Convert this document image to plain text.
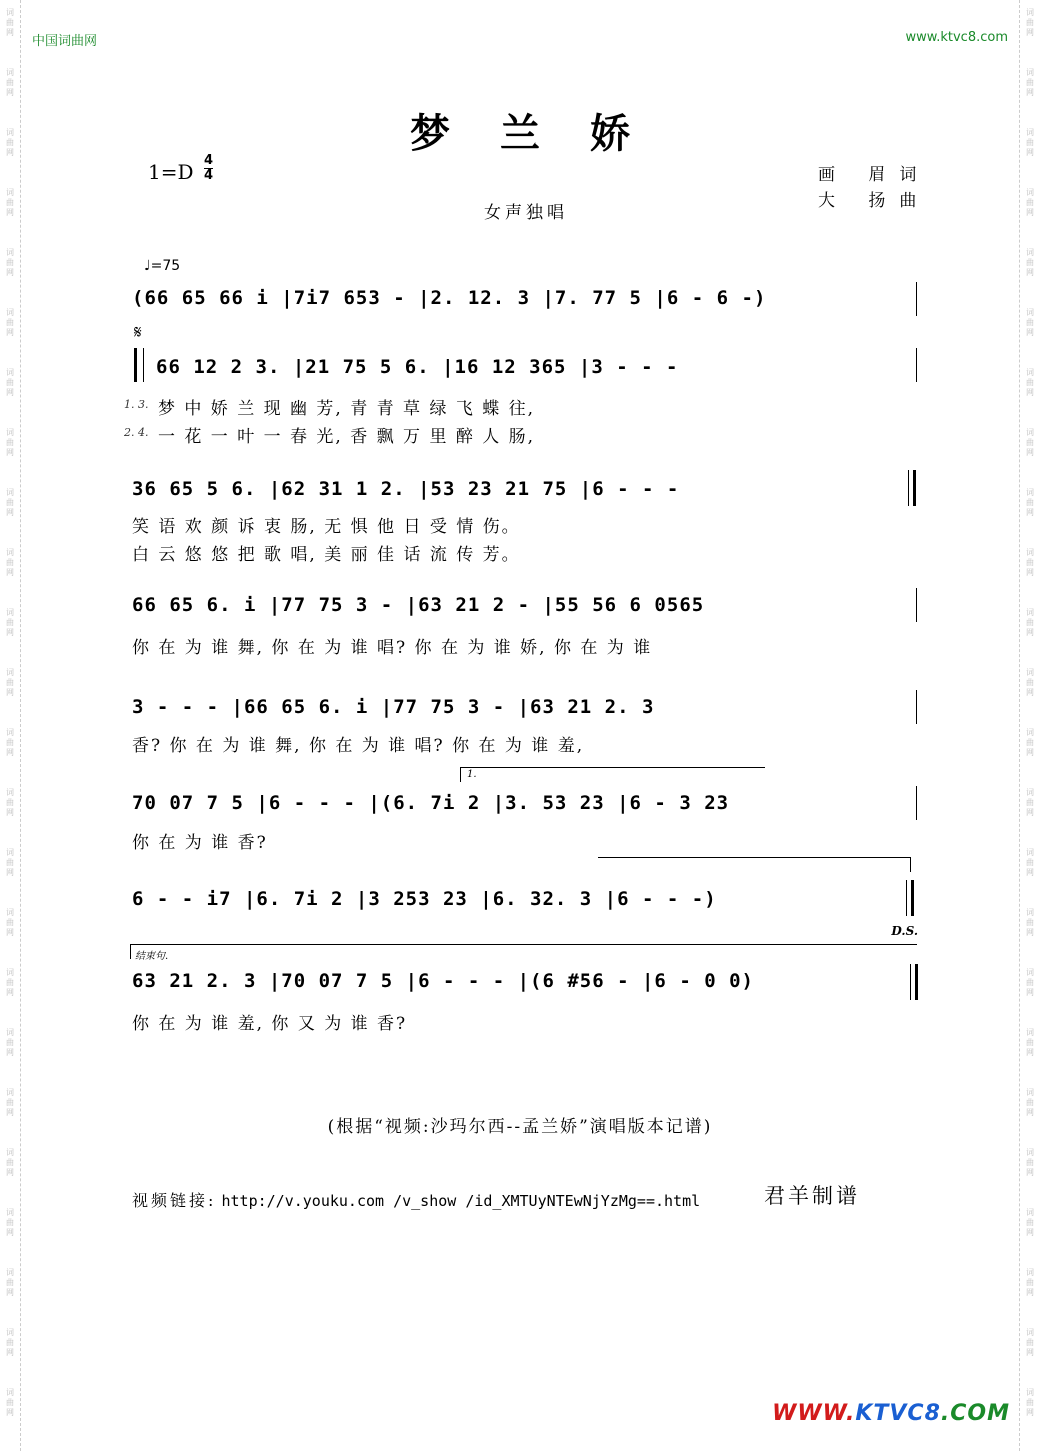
中国词曲网	www.ktvc8.com
梦兰娇
1=D 4
4	画 眉词
大 扬曲
女声独唱
♩=75
(66 65 66 i |7i7 653 - |2. 12. 3 |7. 77 5 |6 - 6 -)
𝄋
66 12 2 3. |21 75 5 6. |16 12 365 |3 - - -
1. 3. 梦 中 娇 兰 现 幽 芳, 青 青 草 绿 飞 蝶 往,
2. 4. 一 花 一 叶 一 春 光, 香 飘 万 里 醉 人 肠,
36 65 5 6. |62 31 1 2. |53 23 21 75 |6 - - -
笑 语 欢 颜 诉 衷 肠, 无 惧 他 日 受 情 伤。
白 云 悠 悠 把 歌 唱, 美 丽 佳 话 流 传 芳。
66 65 6. i |77 75 3 - |63 21 2 - |55 56 6 0565
你 在 为 谁 舞, 你 在 为 谁 唱? 你 在 为 谁 娇, 你 在 为 谁
3 - - - |66 65 6. i |77 75 3 - |63 21 2. 3
香? 你 在 为 谁 舞, 你 在 为 谁 唱? 你 在 为 谁 羞,
1.
70 07 7 5 |6 - - - |(6. 7i 2 |3. 53 23 |6 - 3 23
你 在 为 谁 香?
6 - - i7 |6. 7i 2 |3 253 23 |6. 32. 3 |6 - - -)
D.S.
结束句.
63 21 2. 3 |70 07 7 5 |6 - - - |(6 #56 - |6 - 0 0)
你 在 为 谁 羞, 你 又 为 谁 香?
(根据“视频:沙玛尔西--孟兰娇”演唱版本记谱)
视频链接: http://v.youku.com /v_show /id_XMTUyNTEwNjYzMg==.html	君羊制谱
WWW.KTVC8.COM
词
曲
网
词
曲
网
词
曲
网
词
曲
网
词
曲
网
词
曲
网
词
曲
网
词
曲
网
词
曲
网
词
曲
网
词
曲
网
词
曲
网
词
曲
网
词
曲
网
词
曲
网
词
曲
网
词
曲
网
词
曲
网
词
曲
网
词
曲
网
词
曲
网
词
曲
网
词
曲
网
词
曲
网
词
曲
网
词
曲
网
词
曲
网
词
曲
网
词
曲
网
词
曲
网
词
曲
网
词
曲
网
词
曲
网
词
曲
网
词
曲
网
词
曲
网
词
曲
网
词
曲
网
词
曲
网
词
曲
网
词
曲
网
词
曲
网
词
曲
网
词
曲
网
词
曲
网
词
曲
网
词
曲
网
词
曲
网
